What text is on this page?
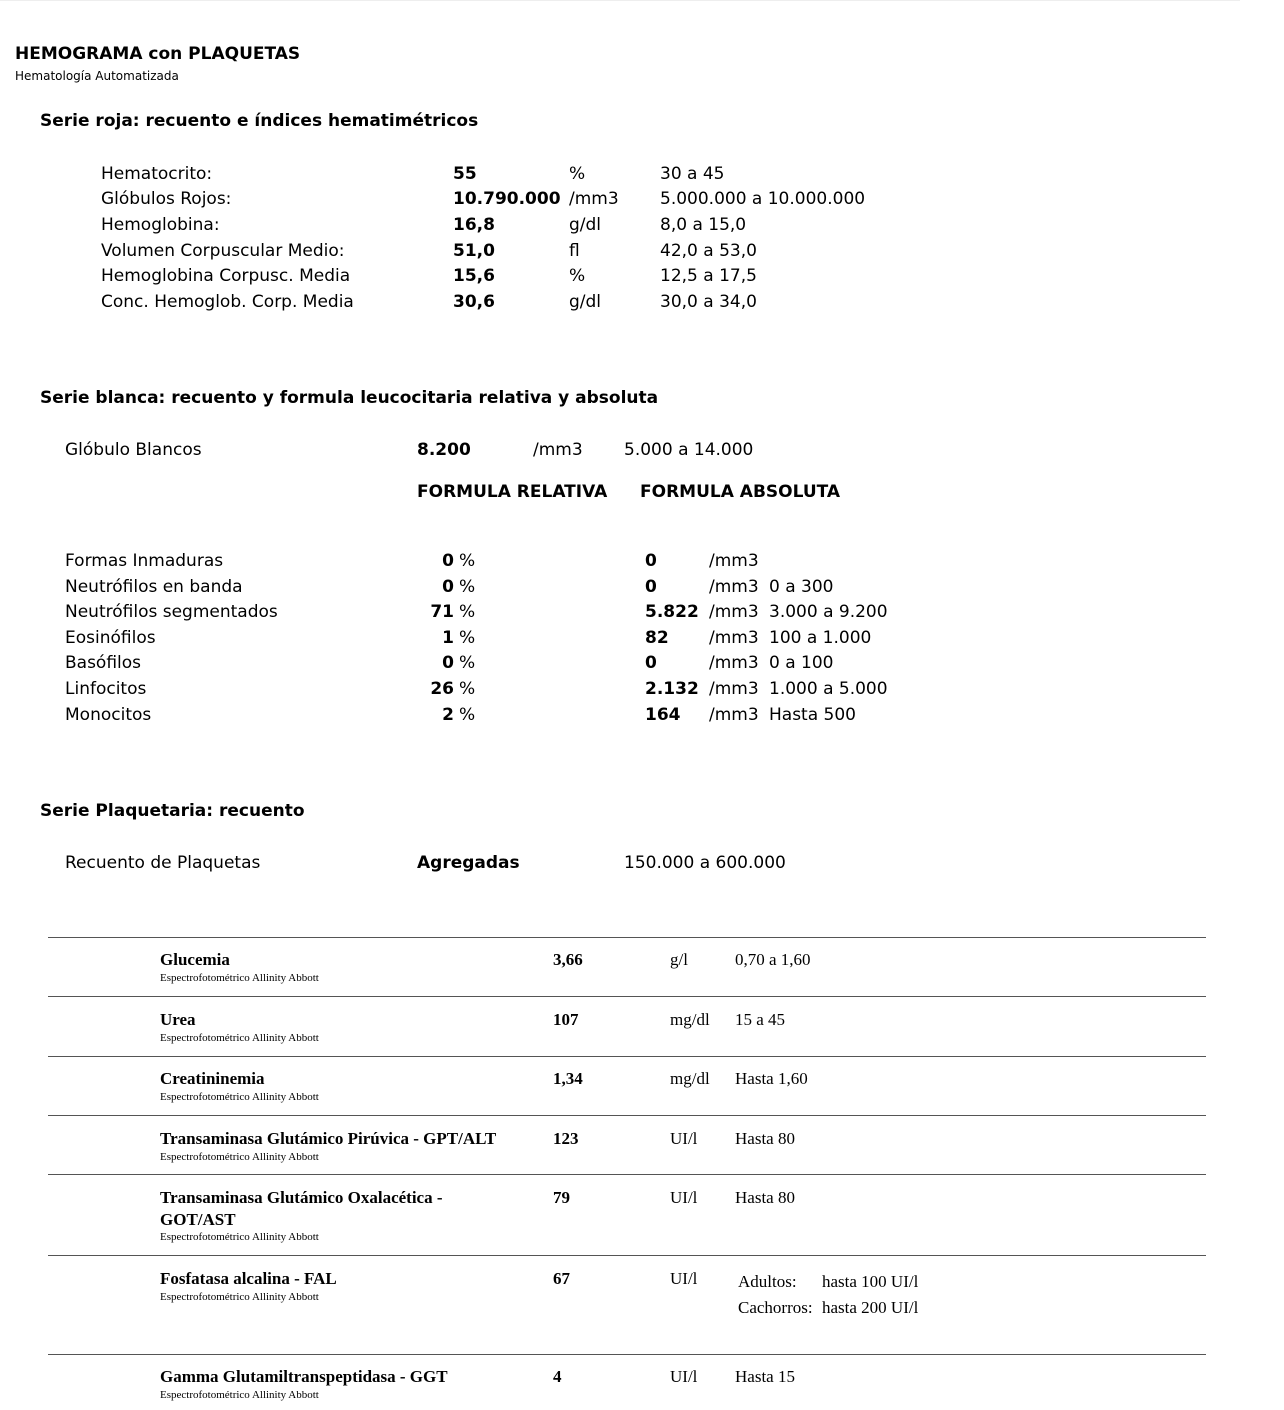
HEMOGRAMA con PLAQUETAS
Hematología Automatizada
Serie roja: recuento e índices hematimétricos
Hematocrito:	55	%	30 a 45
Glóbulos Rojos:	10.790.000 /mm3 5.000.000 a 10.000.000
Hemoglobina:	16,8	g/dl	8,0 a 15,0
Volumen Corpuscular Medio:	51,0	fl	42,0 a 53,0
Hemoglobina Corpusc. Media	15,6	%	12,5 a 17,5
Conc. Hemoglob. Corp. Media	30,6	g/dl	30,0 a 34,0
Serie blanca: recuento y formula leucocitaria relativa y absoluta
Glóbulo Blancos	8.200	/mm3 5.000 a 14.000
FORMULA RELATIVA FORMULA ABSOLUTA
Formas Inmaduras	0 %	0	/mm3
Neutrófilos en banda	0 %	0	/mm3 0 a 300
Neutrófilos segmentados	71 %	5.822 /mm3 3.000 a 9.200
Eosinófilos	1 %	82 /mm3 100 a 1.000
Basófilos	0 %	0	/mm3 0 a 100
Linfocitos	26 %	2.132 /mm3 1.000 a 5.000
Monocitos	2 %	164 /mm3 Hasta 500
Serie Plaquetaria: recuento
Recuento de Plaquetas	Agregadas	150.000 a 600.000
Glucemia
Espectrofotométrico Allinity Abbott
3,66	g/l	0,70 a 1,60
Urea
Espectrofotométrico Allinity Abbott
107	mg/dl 15 a 45
Creatininemia
Espectrofotométrico Allinity Abbott
1,34	mg/dl Hasta 1,60
Transaminasa Glutámico Pirúvica - GPT/ALT
Espectrofotométrico Allinity Abbott
123	UI/l Hasta 80
Transaminasa Glutámico Oxalacética -
GOT/AST
Espectrofotométrico Allinity Abbott
79	UI/l Hasta 80
Fosfatasa alcalina - FAL
Espectrofotométrico Allinity Abbott
67	UI/l Adultos: hasta 100 UI/l
Cachorros: hasta 200 UI/l
Gamma Glutamiltranspeptidasa - GGT
Espectrofotométrico Allinity Abbott
4	UI/l Hasta 15
